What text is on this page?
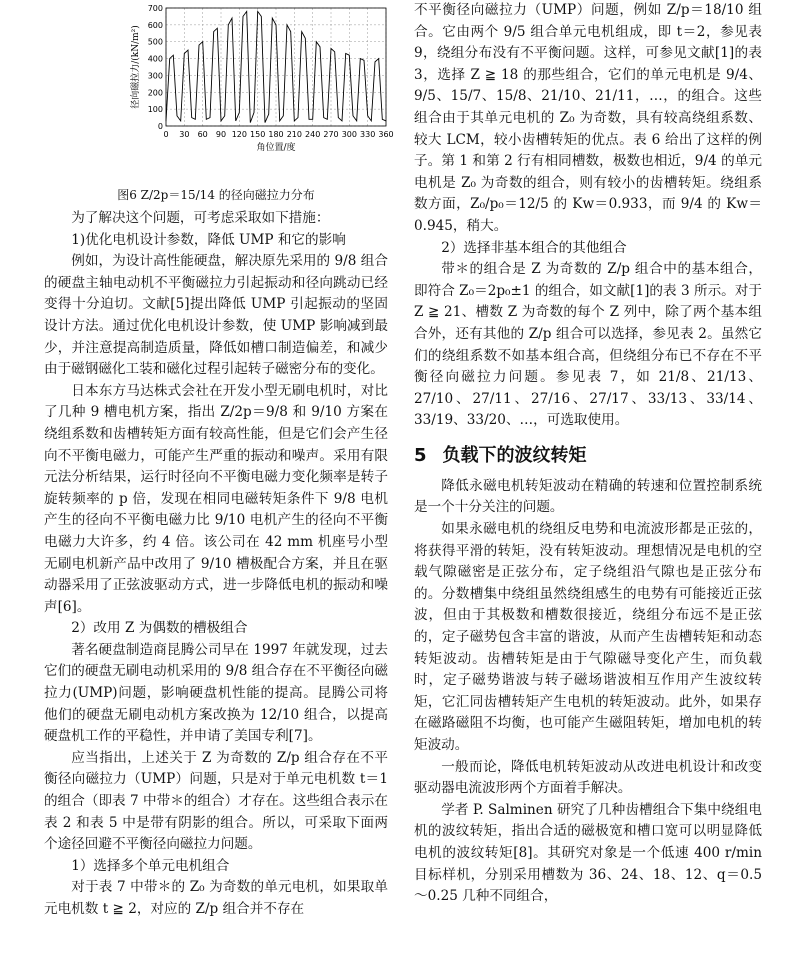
0 30 60 90 120 150 180 210 240 270 300 330 360
0
100
200
300
400
500
600
700
角位置/度
径向磁拉力/(kN/m²)
图6 Z/2p＝15/14 的径向磁拉力分布

为了解决这个问题，可考虑采取如下措施：

1)优化电机设计参数，降低 UMP 和它的影响

例如，为设计高性能硬盘，解决原先采用的 9/8 组合的硬盘主轴电动机不平衡磁拉力引起振动和径向跳动已经变得十分迫切。文献[5]提出降低 UMP 引起振动的坚固设计方法。通过优化电机设计参数，使 UMP 影响减到最少，并注意提高制造质量，降低如槽口制造偏差，和减少由于磁钢磁化工装和磁化过程引起转子磁密分布的变化。

日本东方马达株式会社在开发小型无刷电机时，对比了几种 9 槽电机方案，指出 Z/2p＝9/8 和 9/10 方案在绕组系数和齿槽转矩方面有较高性能，但是它们会产生径向不平衡电磁力，可能产生严重的振动和噪声。采用有限元法分析结果，运行时径向不平衡电磁力变化频率是转子旋转频率的 p 倍，发现在相同电磁转矩条件下 9/8 电机产生的径向不平衡电磁力比 9/10 电机产生的径向不平衡电磁力大许多，约 4 倍。该公司在 42 mm 机座号小型无刷电机新产品中改用了 9/10 槽极配合方案，并且在驱动器采用了正弦波驱动方式，进一步降低电机的振动和噪声[6]。

2）改用 Z 为偶数的槽极组合

著名硬盘制造商昆腾公司早在 1997 年就发现，过去它们的硬盘无刷电动机采用的 9/8 组合存在不平衡径向磁拉力(UMP)问题，影响硬盘机性能的提高。昆腾公司将他们的硬盘无刷电动机方案改换为 12/10 组合，以提高硬盘机工作的平稳性，并申请了美国专利[7]。

应当指出，上述关于 Z 为奇数的 Z/p 组合存在不平衡径向磁拉力（UMP）问题，只是对于单元电机数 t＝1 的组合（即表 7 中带＊的组合）才存在。这些组合表示在表 2 和表 5 中是带有阴影的组合。所以，可采取下面两个途径回避不平衡径向磁拉力问题。

1）选择多个单元电机组合

对于表 7 中带＊的 Z₀ 为奇数的单元电机，如果取单元电机数 t ≧ 2，对应的 Z/p 组合并不存在

不平衡径向磁拉力（UMP）问题，例如 Z/p＝18/10 组合。它由两个 9/5 组合单元电机组成，即 t＝2，参见表 9，绕组分布没有不平衡问题。这样，可参见文献[1]的表 3，选择 Z ≧ 18 的那些组合，它们的单元电机是 9/4、9/5、15/7、15/8、21/10、21/11，…，的组合。这些组合由于其单元电机的 Z₀ 为奇数，具有较高绕组系数、较大 LCM，较小齿槽转矩的优点。表 6 给出了这样的例子。第 1 和第 2 行有相同槽数，极数也相近，9/4 的单元电机是 Z₀ 为奇数的组合，则有较小的齿槽转矩。绕组系数方面，Z₀/p₀＝12/5 的 Kw＝0.933，而 9/4 的 Kw＝0.945，稍大。

2）选择非基本组合的其他组合

带＊的组合是 Z 为奇数的 Z/p 组合中的基本组合，即符合 Z₀＝2p₀±1 的组合，如文献[1]的表 3 所示。对于 Z ≧ 21、槽数 Z 为奇数的每个 Z 列中，除了两个基本组合外，还有其他的 Z/p 组合可以选择，参见表 2。虽然它们的绕组系数不如基本组合高，但绕组分布已不存在不平衡径向磁拉力问题。参见表 7，如 21/8、21/13、27/10、27/11、27/16、27/17、33/13、33/14、33/19、33/20、…，可选取使用。

5 负载下的波纹转矩

降低永磁电机转矩波动在精确的转速和位置控制系统是一个十分关注的问题。

如果永磁电机的绕组反电势和电流波形都是正弦的，将获得平滑的转矩，没有转矩波动。理想情况是电机的空载气隙磁密是正弦分布，定子绕组沿气隙也是正弦分布的。分数槽集中绕组虽然绕组感生的电势有可能接近正弦波，但由于其极数和槽数很接近，绕组分布远不是正弦的，定子磁势包含丰富的谐波，从而产生齿槽转矩和动态转矩波动。齿槽转矩是由于气隙磁导变化产生，而负载时，定子磁势谐波与转子磁场谐波相互作用产生波纹转矩，它汇同齿槽转矩产生电机的转矩波动。此外，如果存在磁路磁阻不均衡，也可能产生磁阻转矩，增加电机的转矩波动。

一般而论，降低电机转矩波动从改进电机设计和改变驱动器电流波形两个方面着手解决。

学者 P. Salminen 研究了几种齿槽组合下集中绕组电机的波纹转矩，指出合适的磁极宽和槽口宽可以明显降低电机的波纹转矩[8]。其研究对象是一个低速 400 r/min 目标样机，分别采用槽数为 36、24、18、12、q＝0.5～0.25 几种不同组合，
